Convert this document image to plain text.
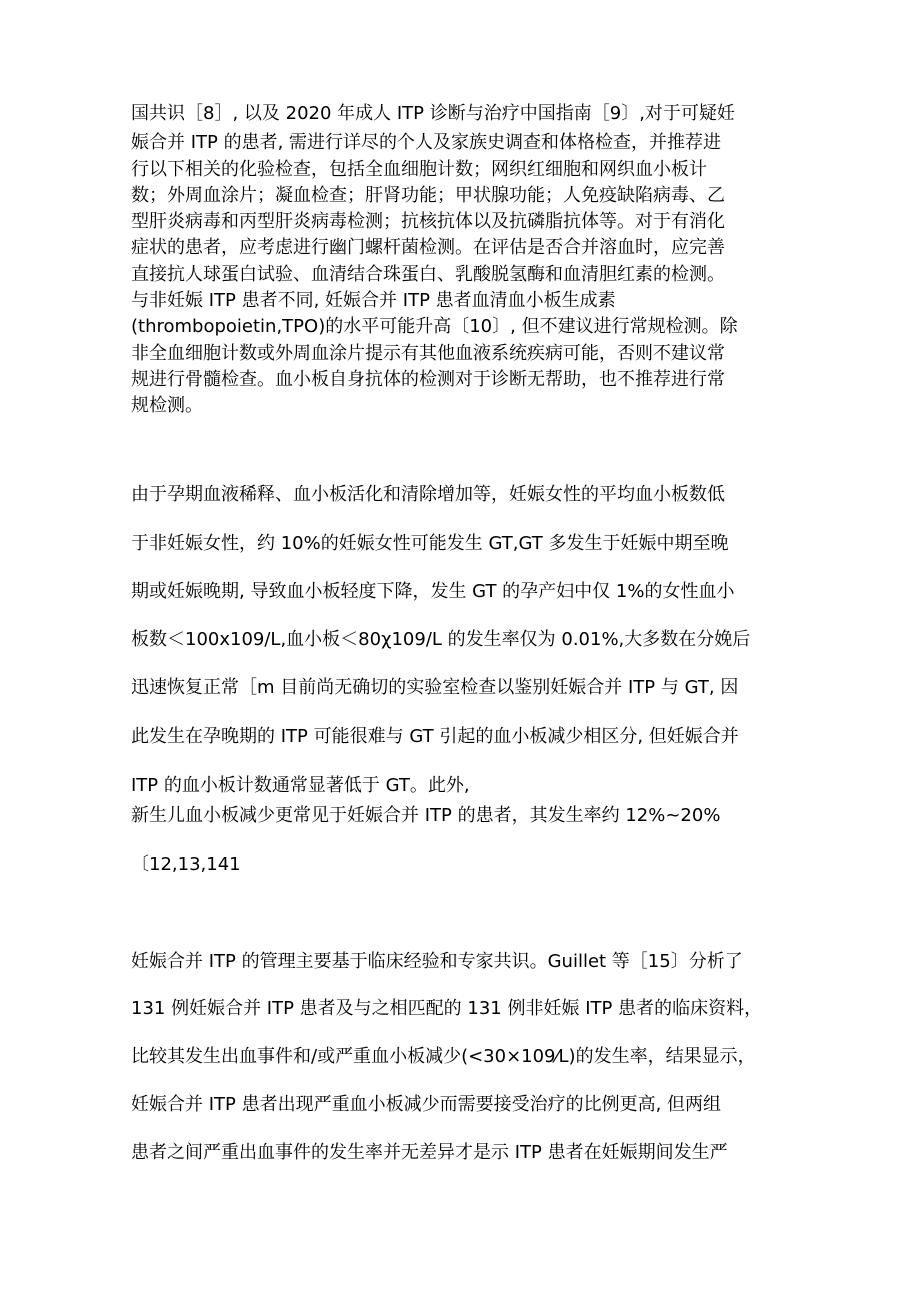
国共识［8］, 以及 2020 年成人 ITP 诊断与治疗中国指南［9〕,对于可疑妊
娠合并 ITP 的患者, 需进行详尽的个人及家族史调查和体格检查，并推荐进
行以下相关的化验检查，包括全血细胞计数；网织红细胞和网织血小板计
数；外周血涂片；凝血检查；肝肾功能；甲状腺功能；人免疫缺陷病毒、乙
型肝炎病毒和丙型肝炎病毒检测；抗核抗体以及抗磷脂抗体等。对于有消化
症状的患者，应考虑进行幽门螺杆菌检测。在评估是否合并溶血时，应完善
直接抗人球蛋白试验、血清结合珠蛋白、乳酸脱氢酶和血清胆红素的检测。
与非妊娠 ITP 患者不同, 妊娠合并 ITP 患者血清血小板生成素
(thrombopoietin,TPO)的水平可能升高〔10〕, 但不建议进行常规检测。除
非全血细胞计数或外周血涂片提示有其他血液系统疾病可能，否则不建议常
规进行骨髓检查。血小板自身抗体的检测对于诊断无帮助，也不推荐进行常
规检测。
由于孕期血液稀释、血小板活化和清除增加等，妊娠女性的平均血小板数低
于非妊娠女性，约 10%的妊娠女性可能发生 GT,GT 多发生于妊娠中期至晚
期或妊娠晚期, 导致血小板轻度下降，发生 GT 的孕产妇中仅 1%的女性血小
板数＜100x109/L,血小板＜80χ109/L 的发生率仅为 0.01%,大多数在分娩后
迅速恢复正常［m 目前尚无确切的实验室检查以鉴别妊娠合并 ITP 与 GT, 因
此发生在孕晚期的 ITP 可能很难与 GT 引起的血小板减少相区分, 但妊娠合并
ITP 的血小板计数通常显著低于 GT。此外,
新生儿血小板减少更常见于妊娠合并 ITP 的患者，其发生率约 12%~20%
〔12,13,141
妊娠合并 ITP 的管理主要基于临床经验和专家共识。Guillet 等［15〕分析了
131 例妊娠合并 ITP 患者及与之相匹配的 131 例非妊娠 ITP 患者的临床资料，
比较其发生出血事件和/或严重血小板减少(<30×109⁄L)的发生率，结果显示，
妊娠合并 ITP 患者出现严重血小板减少而需要接受治疗的比例更高, 但两组
患者之间严重出血事件的发生率并无差异才是示 ITP 患者在妊娠期间发生严
